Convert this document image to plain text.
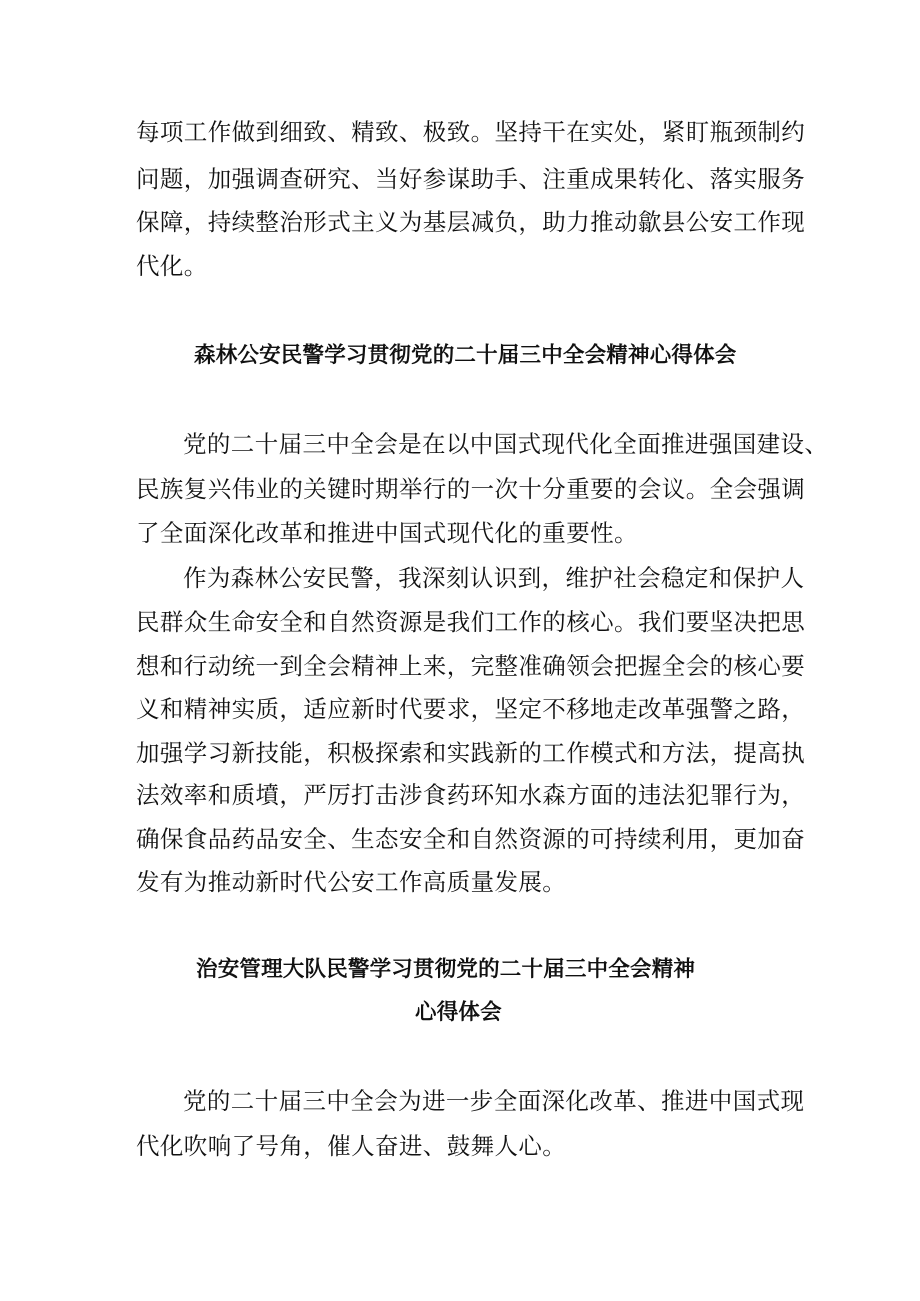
每项工作做到细致、精致、极致。坚持干在实处，紧盯瓶颈制约
问题，加强调查研究、当好参谋助手、注重成果转化、落实服务
保障，持续整治形式主义为基层减负，助力推动歙县公安工作现
代化。
森林公安民警学习贯彻党的二十届三中全会精神心得体会
党的二十届三中全会是在以中国式现代化全面推进强国建设、
民族复兴伟业的关键时期举行的一次十分重要的会议。全会强调
了全面深化改革和推进中国式现代化的重要性。
作为森林公安民警，我深刻认识到，维护社会稳定和保护人
民群众生命安全和自然资源是我们工作的核心。我们要坚决把思
想和行动统一到全会精神上来，完整准确领会把握全会的核心要
义和精神实质，适应新时代要求，坚定不移地走改革强警之路，
加强学习新技能，积极探索和实践新的工作模式和方法，提高执
法效率和质墳，严厉打击涉食药环知水森方面的违法犯罪行为，
确保食品药品安全、生态安全和自然资源的可持续利用，更加奋
发有为推动新时代公安工作高质量发展。
治安管理大队民警学习贯彻党的二十届三中全会精神
心得体会
党的二十届三中全会为进一步全面深化改革、推进中国式现
代化吹响了号角，催人奋进、鼓舞人心。
